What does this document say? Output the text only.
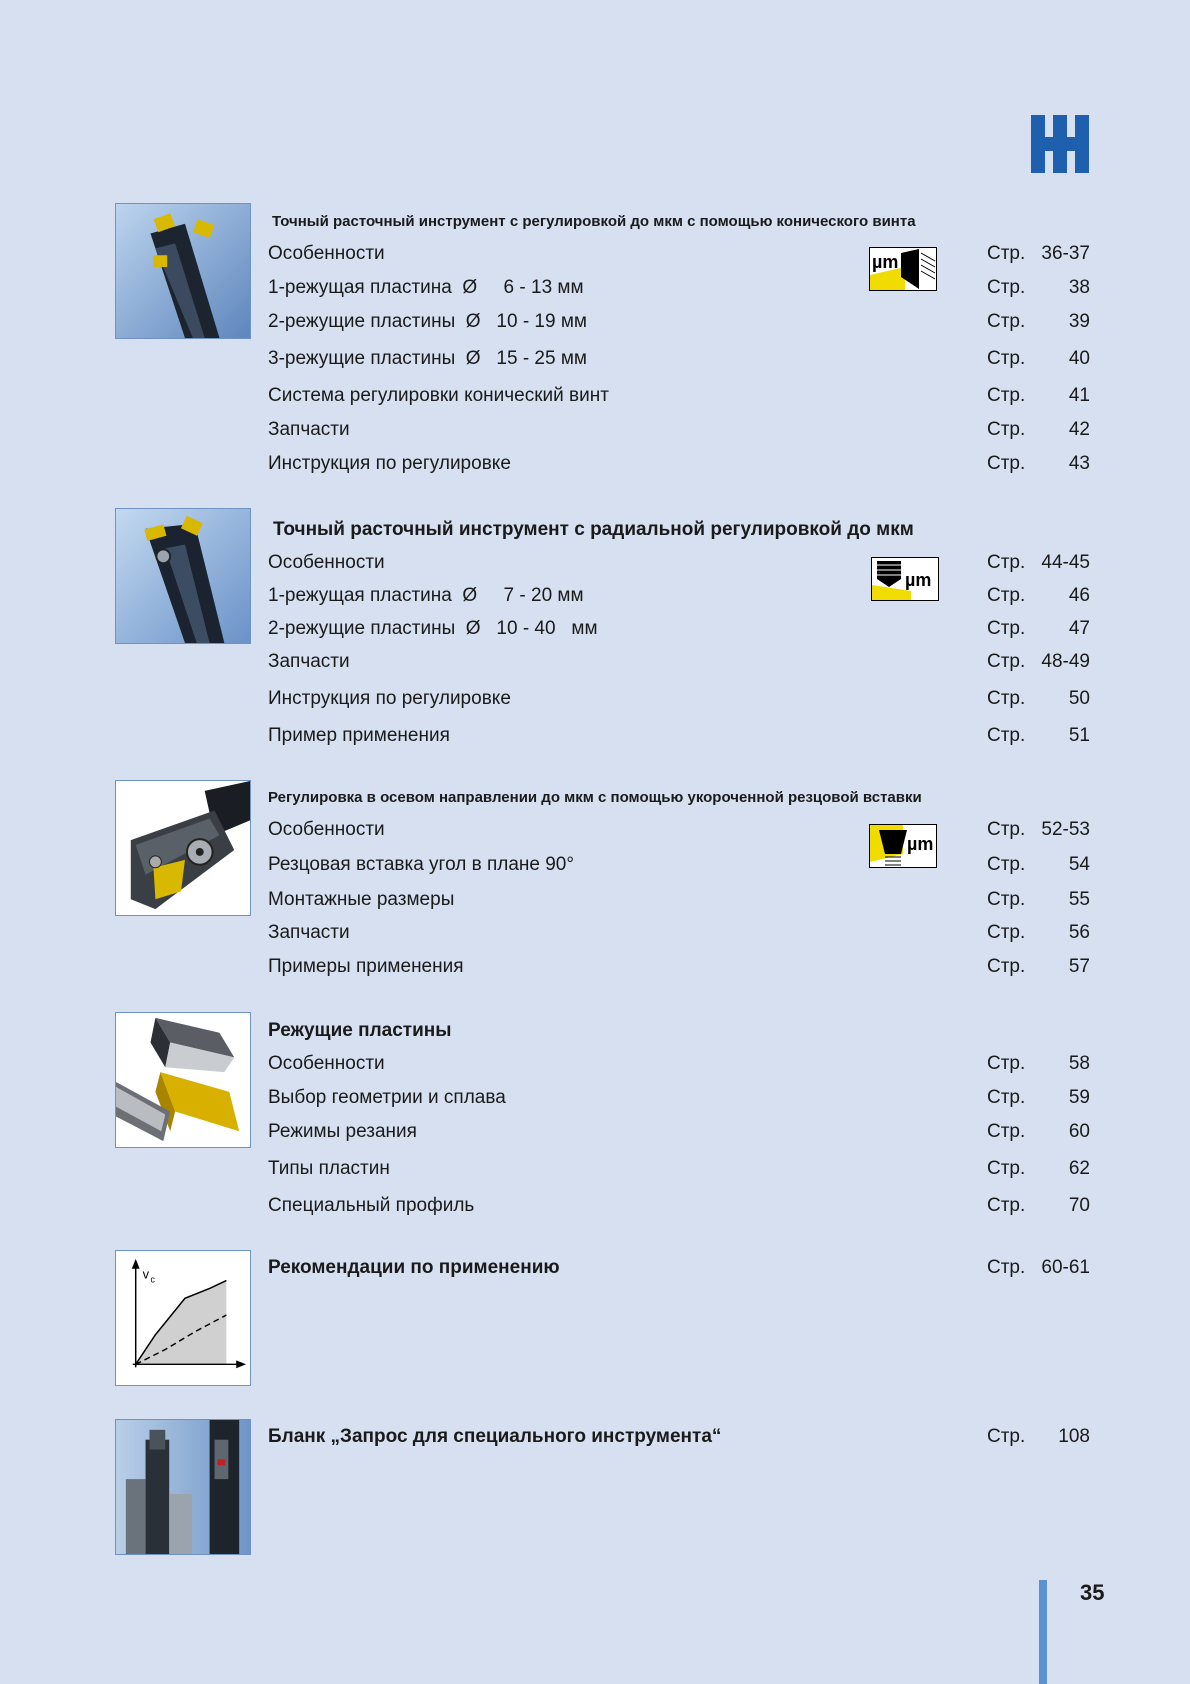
Точный расточный инструмент с регулировкой до мкм с помощью конического винта
µm
Особенности	Стр. 36-37
1-режущая пластина  Ø     6 - 13 мм	Стр. 38
2-режущие пластины  Ø   10 - 19 мм	Стр. 39
3-режущие пластины  Ø   15 - 25 мм	Стр. 40
Система регулировки конический винт	Стр. 41
Запчасти	Стр. 42
Инструкция по регулировке	Стр. 43
Точный расточный инструмент с радиальной регулировкой до мкм
µm
Особенности	Стр. 44-45
1-режущая пластина  Ø     7 - 20 мм	Стр. 46
2-режущие пластины  Ø   10 - 40   мм	Стр. 47
Запчасти	Стр. 48-49
Инструкция по регулировке	Стр. 50
Пример применения	Стр. 51
Регулировка в осевом направлении до мкм с помощью укороченной резцовой вставки
µm
Особенности	Стр. 52-53
Резцовая вставка угол в плане 90°	Стр. 54
Монтажные размеры	Стр. 55
Запчасти	Стр. 56
Примеры применения	Стр. 57
Режущие пластины
Особенности	Стр. 58
Выбор геометрии и сплава	Стр. 59
Режимы резания	Стр. 60
Типы пластин	Стр. 62
Специальный профиль	Стр. 70
v c
Рекомендации по применению	Стр. 60-61
Бланк „Запрос для специального инструмента“	Стр. 108
35
